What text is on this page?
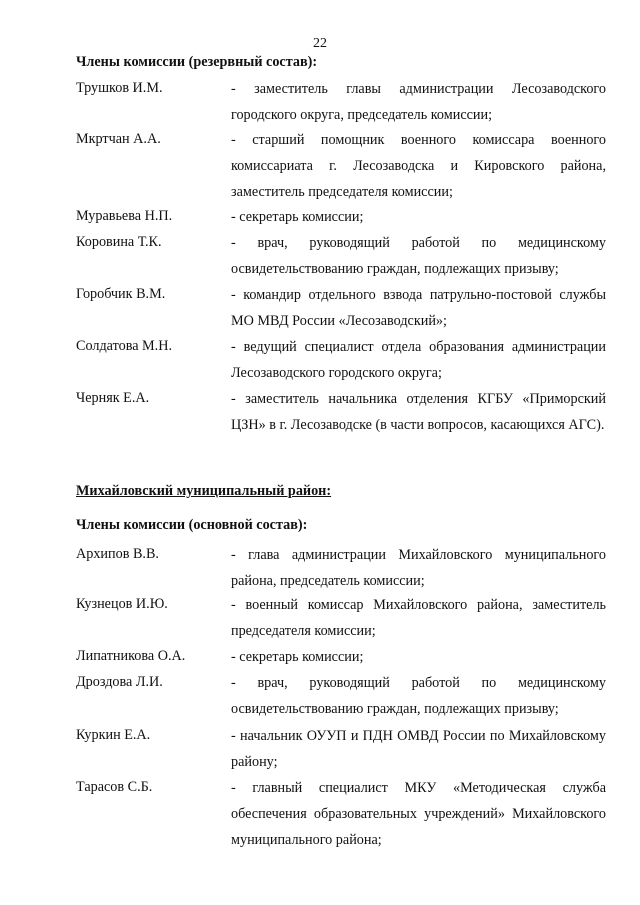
22
Члены комиссии (резервный состав):
Трушков И.М.	- заместитель главы администрации Лесозаводского городского округа, председатель комиссии;
Мкртчан А.А.	- старший помощник военного комиссара военного комиссариата г. Лесозаводска и Кировского района, заместитель председателя комиссии;
Муравьева Н.П.	- секретарь комиссии;
Коровина Т.К.	- врач, руководящий работой по медицинскому освидетельствованию граждан, подлежащих призыву;
Горобчик В.М.	- командир отдельного взвода патрульно-постовой службы МО МВД России «Лесозаводский»;
Солдатова М.Н.	- ведущий специалист отдела образования администрации Лесозаводского городского округа;
Черняк Е.А.	- заместитель начальника отделения КГБУ «Приморский ЦЗН» в г. Лесозаводске (в части вопросов, касающихся АГС).
Михайловский муниципальный район:
Члены комиссии (основной состав):
Архипов В.В.	- глава администрации Михайловского муниципального района, председатель комиссии;
Кузнецов И.Ю.	- военный комиссар Михайловского района, заместитель председателя комиссии;
Липатникова О.А.	- секретарь комиссии;
Дроздова Л.И.	- врач, руководящий работой по медицинскому освидетельствованию граждан, подлежащих призыву;
Куркин Е.А.	- начальник ОУУП и ПДН ОМВД России по Михайловскому району;
Тарасов С.Б.	- главный специалист МКУ «Методическая служба обеспечения образовательных учреждений» Михайловского муниципального района;
